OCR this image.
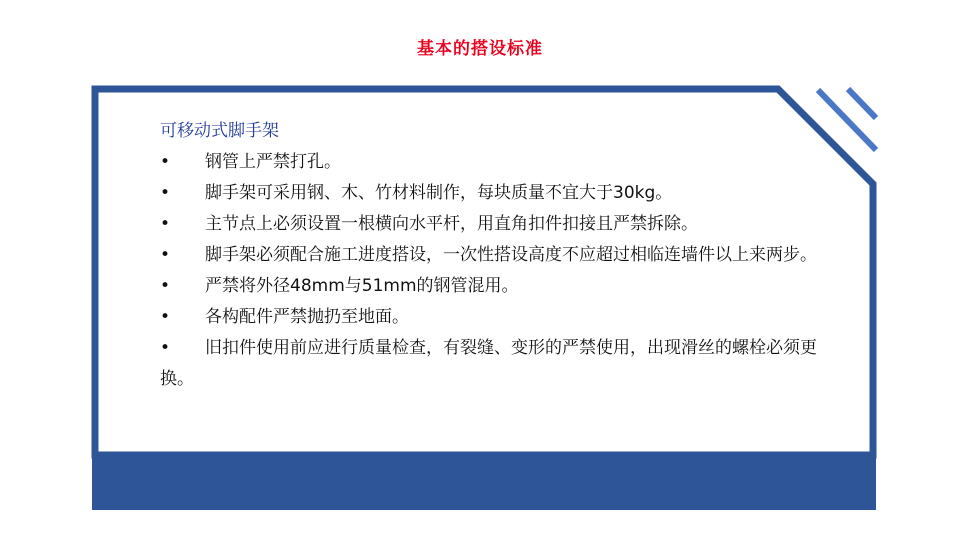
基本的搭设标准
可移动式脚手架
• 钢管上严禁打孔。
• 脚手架可采用钢、木、竹材料制作，每块质量不宜大于30kg。
• 主节点上必须设置一根横向水平杆，用直角扣件扣接且严禁拆除。
• 脚手架必须配合施工进度搭设，一次性搭设高度不应超过相临连墙件以上来两步。
• 严禁将外径48mm与51mm的钢管混用。
• 各构配件严禁抛扔至地面。
• 旧扣件使用前应进行质量检查，有裂缝、变形的严禁使用，出现滑丝的螺栓必须更换。
